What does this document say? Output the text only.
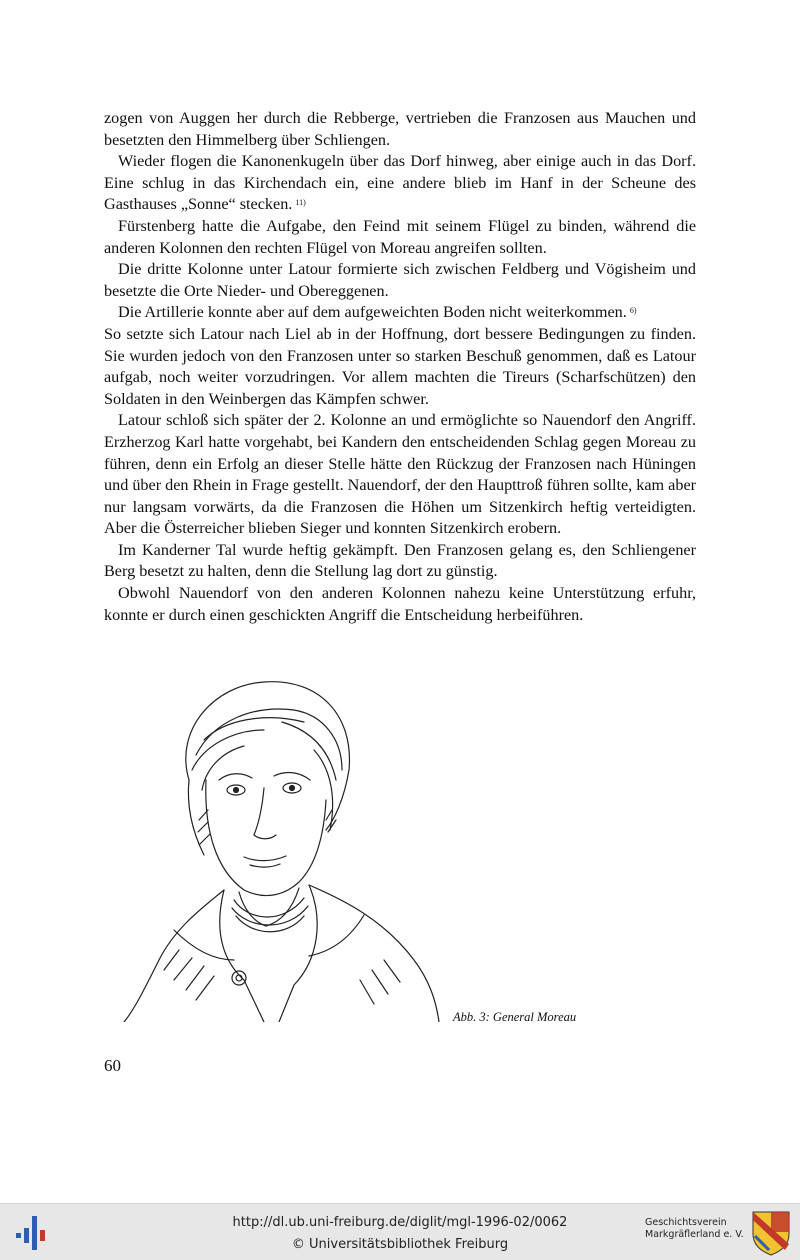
zogen von Auggen her durch die Rebberge, vertrieben die Franzosen aus Mauchen und besetzten den Himmelberg über Schliengen.

Wieder flogen die Kanonenkugeln über das Dorf hinweg, aber einige auch in das Dorf. Eine schlug in das Kirchendach ein, eine andere blieb im Hanf in der Scheune des Gasthauses „Sonne“ stecken. $^{11)}$

Fürstenberg hatte die Aufgabe, den Feind mit seinem Flügel zu binden, während die anderen Kolonnen den rechten Flügel von Moreau angreifen sollten.

Die dritte Kolonne unter Latour formierte sich zwischen Feldberg und Vögisheim und besetzte die Orte Nieder- und Obereggenen.

Die Artillerie konnte aber auf dem aufgeweichten Boden nicht weiterkommen. $^{6)}$

So setzte sich Latour nach Liel ab in der Hoffnung, dort bessere Bedingungen zu finden. Sie wurden jedoch von den Franzosen unter so starken Beschuß genommen, daß es Latour aufgab, noch weiter vorzudringen. Vor allem machten die Tireurs (Scharfschützen) den Soldaten in den Weinbergen das Kämpfen schwer.

Latour schloß sich später der 2. Kolonne an und ermöglichte so Nauendorf den Angriff. Erzherzog Karl hatte vorgehabt, bei Kandern den entscheidenden Schlag gegen Moreau zu führen, denn ein Erfolg an dieser Stelle hätte den Rückzug der Franzosen nach Hüningen und über den Rhein in Frage gestellt. Nauendorf, der den Haupttroß führen sollte, kam aber nur langsam vorwärts, da die Franzosen die Höhen um Sitzenkirch heftig verteidigten. Aber die Österreicher blieben Sieger und konnten Sitzenkirch erobern.

Im Kanderner Tal wurde heftig gekämpft. Den Franzosen gelang es, den Schliengener Berg besetzt zu halten, denn die Stellung lag dort zu günstig.

Obwohl Nauendorf von den anderen Kolonnen nahezu keine Unterstützung erfuhr, konnte er durch einen geschickten Angriff die Entscheidung herbeiführen.

Abb. 3: General Moreau
60
http://dl.ub.uni-freiburg.de/diglit/mgl-1996-02/0062
© Universitätsbibliothek Freiburg
Geschichtsverein
Markgräflerland e. V.
